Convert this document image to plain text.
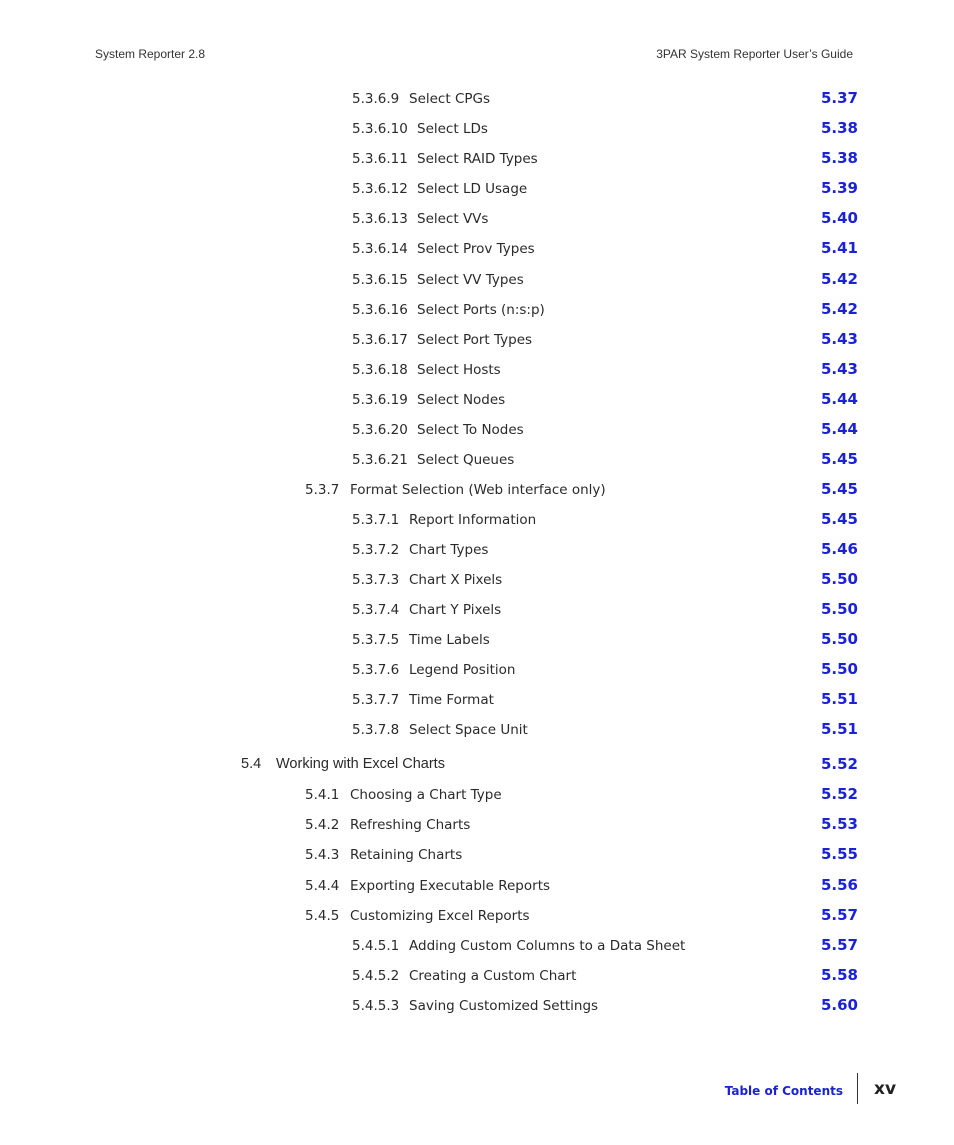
System Reporter 2.8	3PAR System Reporter User’s Guide
5.3.6.9 Select CPGs	5.37
5.3.6.10 Select LDs	5.38
5.3.6.11 Select RAID Types	5.38
5.3.6.12 Select LD Usage	5.39
5.3.6.13 Select VVs	5.40
5.3.6.14 Select Prov Types	5.41
5.3.6.15 Select VV Types	5.42
5.3.6.16 Select Ports (n:s:p)	5.42
5.3.6.17 Select Port Types	5.43
5.3.6.18 Select Hosts	5.43
5.3.6.19 Select Nodes	5.44
5.3.6.20 Select To Nodes	5.44
5.3.6.21 Select Queues	5.45
5.3.7 Format Selection (Web interface only)	5.45
5.3.7.1 Report Information	5.45
5.3.7.2 Chart Types	5.46
5.3.7.3 Chart X Pixels	5.50
5.3.7.4 Chart Y Pixels	5.50
5.3.7.5 Time Labels	5.50
5.3.7.6 Legend Position	5.50
5.3.7.7 Time Format	5.51
5.3.7.8 Select Space Unit	5.51
5.4 Working with Excel Charts	5.52
5.4.1 Choosing a Chart Type	5.52
5.4.2 Refreshing Charts	5.53
5.4.3 Retaining Charts	5.55
5.4.4 Exporting Executable Reports	5.56
5.4.5 Customizing Excel Reports	5.57
5.4.5.1 Adding Custom Columns to a Data Sheet	5.57
5.4.5.2 Creating a Custom Chart	5.58
5.4.5.3 Saving Customized Settings	5.60
Table of Contents xv
